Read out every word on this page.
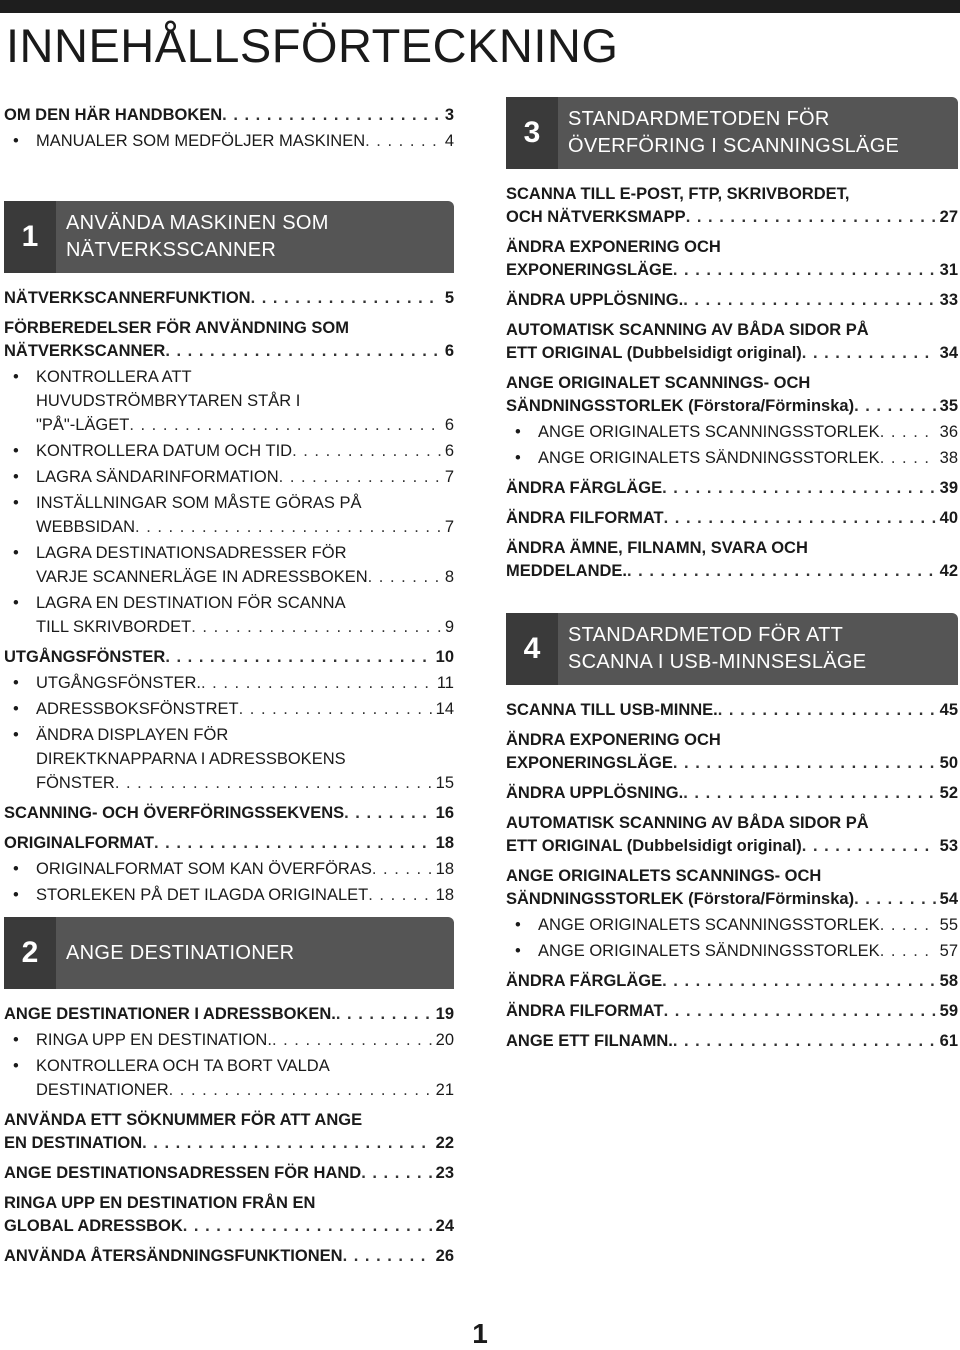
INNEHÅLLSFÖRTECKNING
OM DEN HÄR HANDBOKEN . . .	3
• MANUALER SOM MEDFÖLJER MASKINEN . . .	4
1	ANVÄNDA MASKINEN SOM
NÄTVERKSSCANNER
NÄTVERKSCANNERFUNKTION . . .	5
FÖRBEREDELSER FÖR ANVÄNDNING SOM
NÄTVERKSCANNER . . .	6
• KONTROLLERA ATT
HUVUDSTRÖMBRYTAREN STÅR I
"PÅ"-LÄGET . . .	6
• KONTROLLERA DATUM OCH TID . . .	6
• LAGRA SÄNDARINFORMATION . . .	7
• INSTÄLLNINGAR SOM MÅSTE GÖRAS PÅ
WEBBSIDAN . . .	7
• LAGRA DESTINATIONSADRESSER FÖR
VARJE SCANNERLÄGE IN ADRESSBOKEN . . .	8
• LAGRA EN DESTINATION FÖR SCANNA
TILL SKRIVBORDET . . .	9
UTGÅNGSFÖNSTER . . .	10
• UTGÅNGSFÖNSTER. . . .	11
• ADRESSBOKSFÖNSTRET . . .	14
• ÄNDRA DISPLAYEN FÖR
DIREKTKNAPPARNA I ADRESSBOKENS
FÖNSTER . . .	15
SCANNING- OCH ÖVERFÖRINGSSEKVENS . . .	16
ORIGINALFORMAT . . .	18
• ORIGINALFORMAT SOM KAN ÖVERFÖRAS . . .	18
• STORLEKEN PÅ DET ILAGDA ORIGINALET . . .	18
2	ANGE DESTINATIONER
ANGE DESTINATIONER I ADRESSBOKEN. . . .	19
• RINGA UPP EN DESTINATION. . . .	20
• KONTROLLERA OCH TA BORT VALDA
DESTINATIONER . . .	21
ANVÄNDA ETT SÖKNUMMER FÖR ATT ANGE
EN DESTINATION . . .	22
ANGE DESTINATIONSADRESSEN FÖR HAND . . .	23
RINGA UPP EN DESTINATION FRÅN EN
GLOBAL ADRESSBOK . . .	24
ANVÄNDA ÅTERSÄNDNINGSFUNKTIONEN . . .	26
3	STANDARDMETODEN FÖR
ÖVERFÖRING I SCANNINGSLÄGE
SCANNA TILL E-POST, FTP, SKRIVBORDET,
OCH NÄTVERKSMAPP . . .	27
ÄNDRA EXPONERING OCH
EXPONERINGSLÄGE . . .	31
ÄNDRA UPPLÖSNING. . . .	33
AUTOMATISK SCANNING AV BÅDA SIDOR PÅ
ETT ORIGINAL (Dubbelsidigt original) . . .	34
ANGE ORIGINALET SCANNINGS- OCH
SÄNDNINGSSTORLEK (Förstora/Förminska) . . .	35
• ANGE ORIGINALETS SCANNINGSSTORLEK . . .	36
• ANGE ORIGINALETS SÄNDNINGSSTORLEK . . .	38
ÄNDRA FÄRGLÄGE . . .	39
ÄNDRA FILFORMAT . . .	40
ÄNDRA ÄMNE, FILNAMN, SVARA OCH
MEDDELANDE. . . .	42
4	STANDARDMETOD FÖR ATT
SCANNA I USB-MINNSESLÄGE
SCANNA TILL USB-MINNE. . . .	45
ÄNDRA EXPONERING OCH
EXPONERINGSLÄGE . . .	50
ÄNDRA UPPLÖSNING. . . .	52
AUTOMATISK SCANNING AV BÅDA SIDOR PÅ
ETT ORIGINAL (Dubbelsidigt original) . . .	53
ANGE ORIGINALETS SCANNINGS- OCH
SÄNDNINGSSTORLEK (Förstora/Förminska) . . .	54
• ANGE ORIGINALETS SCANNINGSSTORLEK . . .	55
• ANGE ORIGINALETS SÄNDNINGSSTORLEK . . .	57
ÄNDRA FÄRGLÄGE . . .	58
ÄNDRA FILFORMAT . . .	59
ANGE ETT FILNAMN. . . .	61
1
